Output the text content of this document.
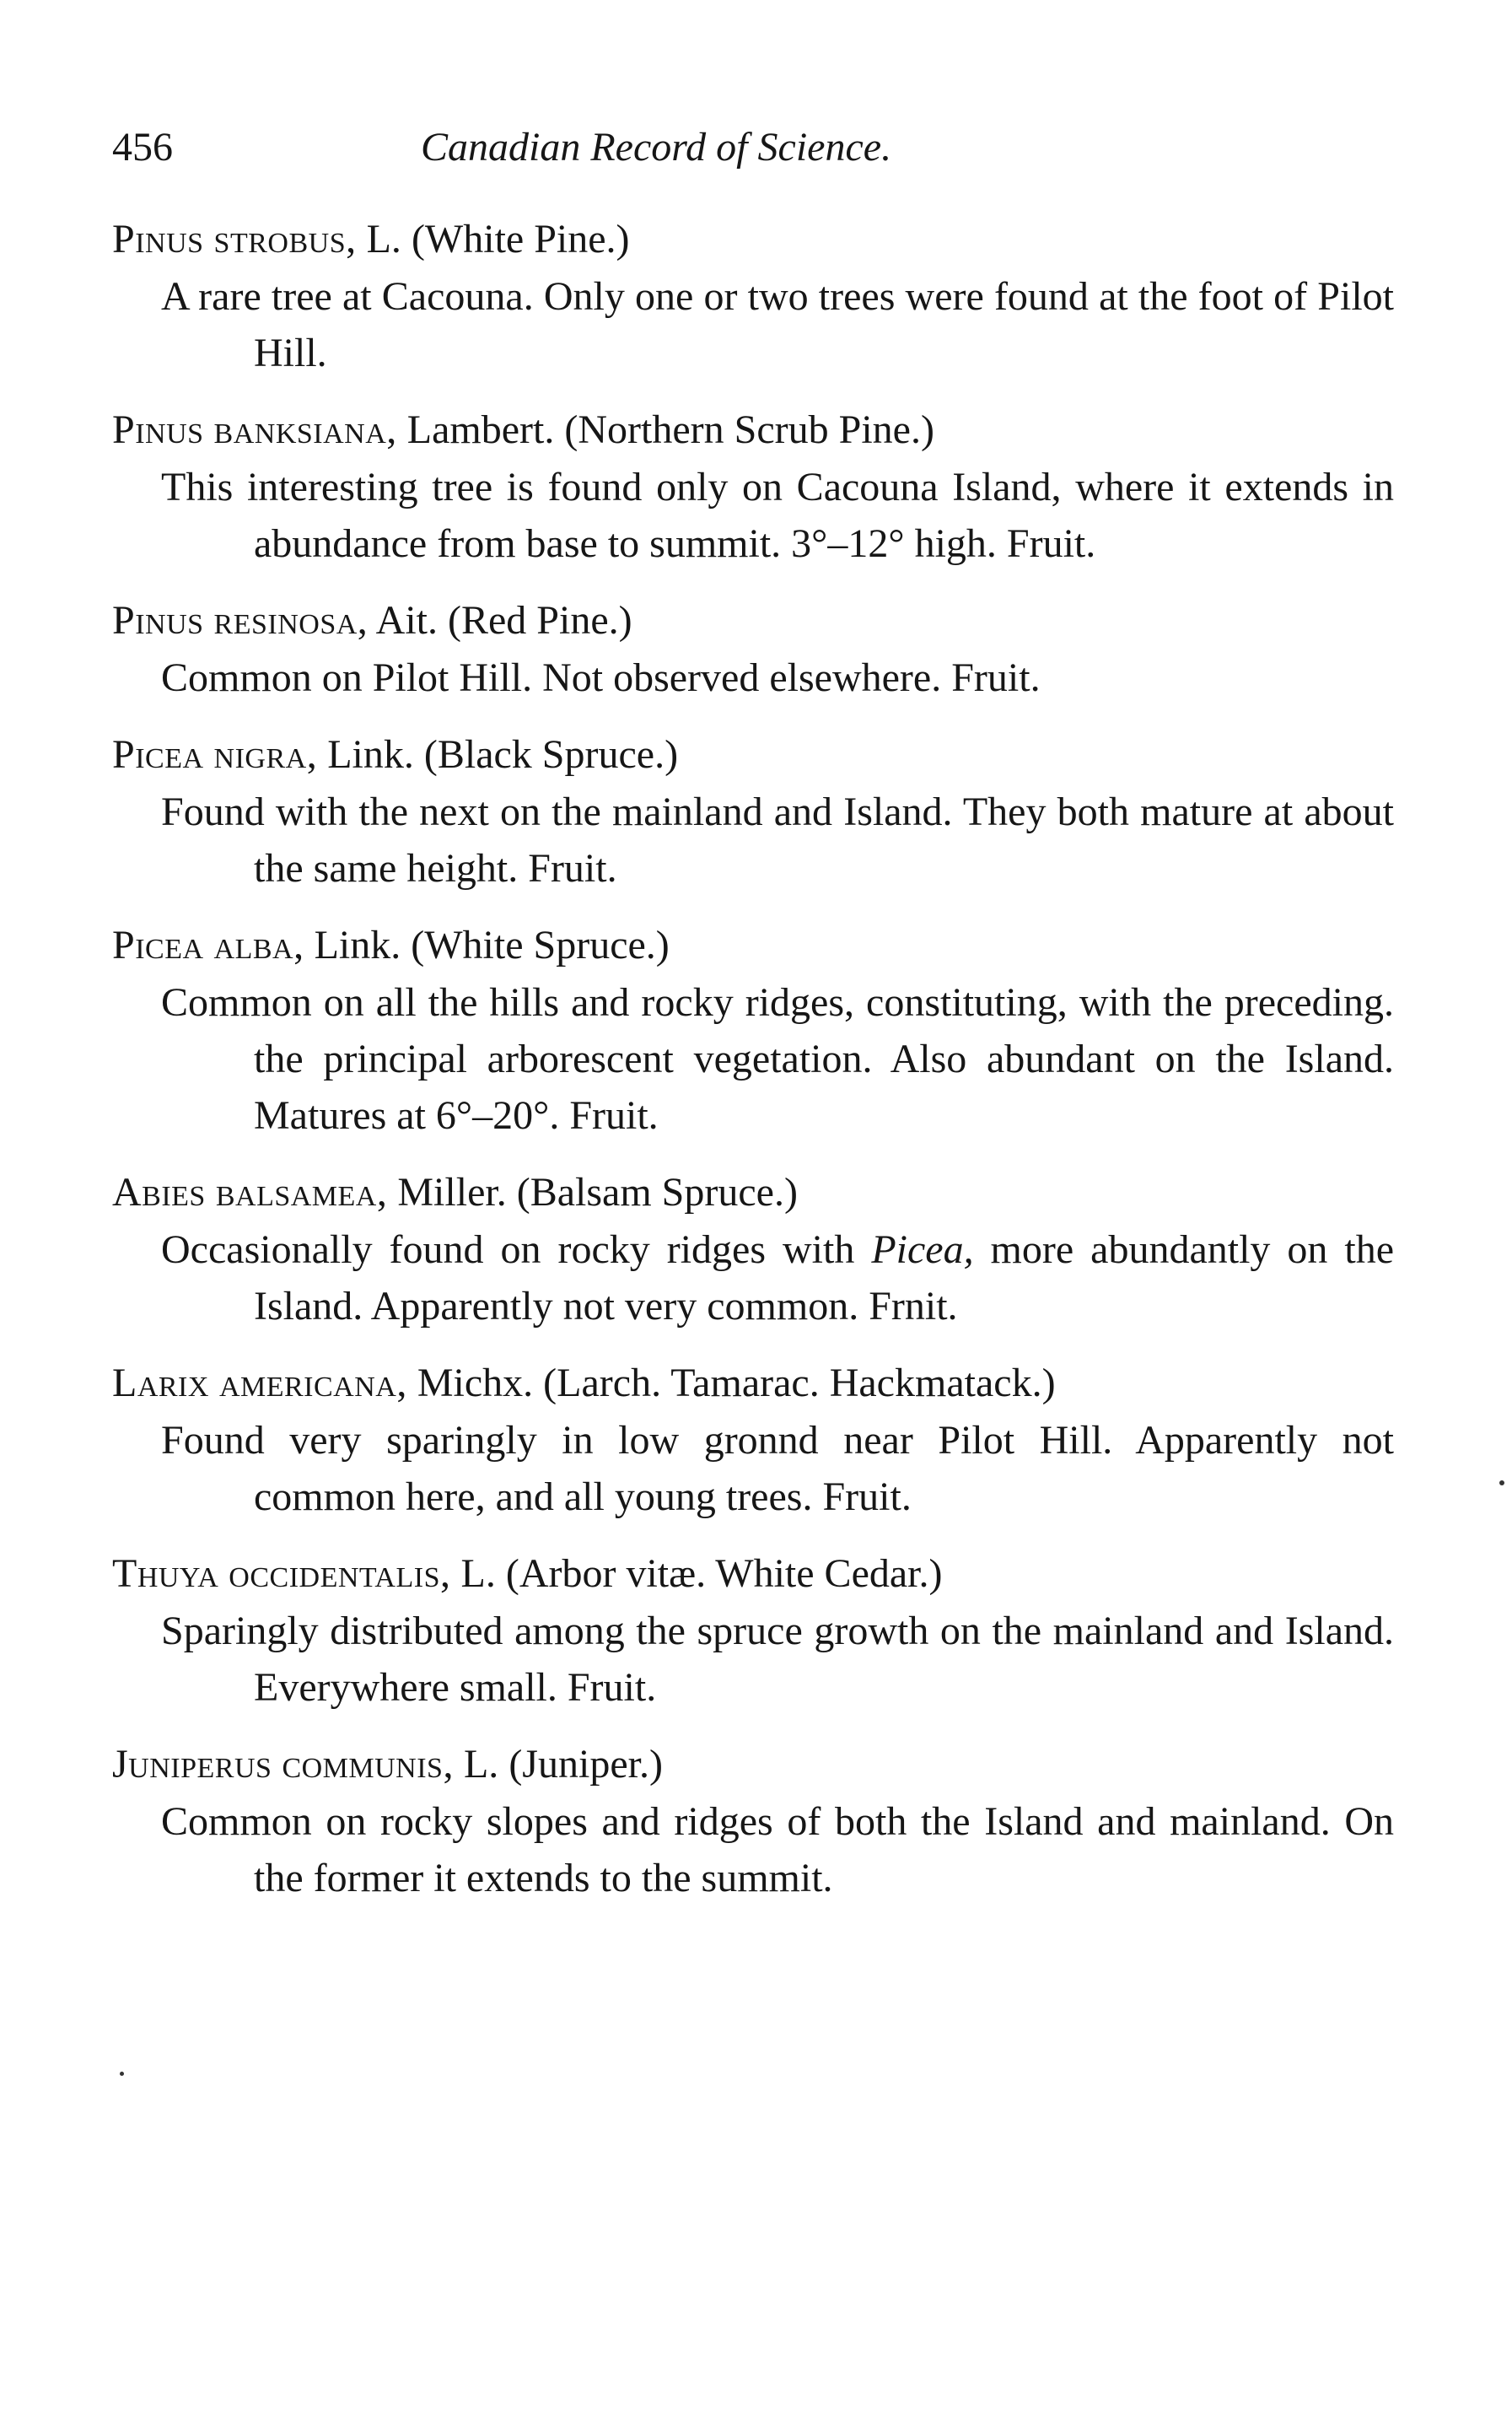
456	Canadian Record of Science.
Pinus strobus, L. (White Pine.)
A rare tree at Cacouna. Only one or two trees were found at the foot of Pilot Hill.
Pinus banksiana, Lambert. (Northern Scrub Pine.)
This interesting tree is found only on Cacouna Island, where it extends in abundance from base to summit. 3°–12° high. Fruit.
Pinus resinosa, Ait. (Red Pine.)
Common on Pilot Hill. Not observed elsewhere. Fruit.
Picea nigra, Link. (Black Spruce.)
Found with the next on the mainland and Island. They both mature at about the same height. Fruit.
Picea alba, Link. (White Spruce.)
Common on all the hills and rocky ridges, constituting, with the preceding. the principal arborescent vegetation. Also abundant on the Island. Matures at 6°–20°. Fruit.
Abies balsamea, Miller. (Balsam Spruce.)
Occasionally found on rocky ridges with Picea, more abundantly on the Island. Apparently not very common. Frnit.
Larix americana, Michx. (Larch. Tamarac. Hackmatack.)
Found very sparingly in low gronnd near Pilot Hill. Apparently not common here, and all young trees. Fruit.
Thuya occidentalis, L. (Arbor vitæ. White Cedar.)
Sparingly distributed among the spruce growth on the mainland and Island. Everywhere small. Fruit.
Juniperus communis, L. (Juniper.)
Common on rocky slopes and ridges of both the Island and mainland. On the former it extends to the summit.
